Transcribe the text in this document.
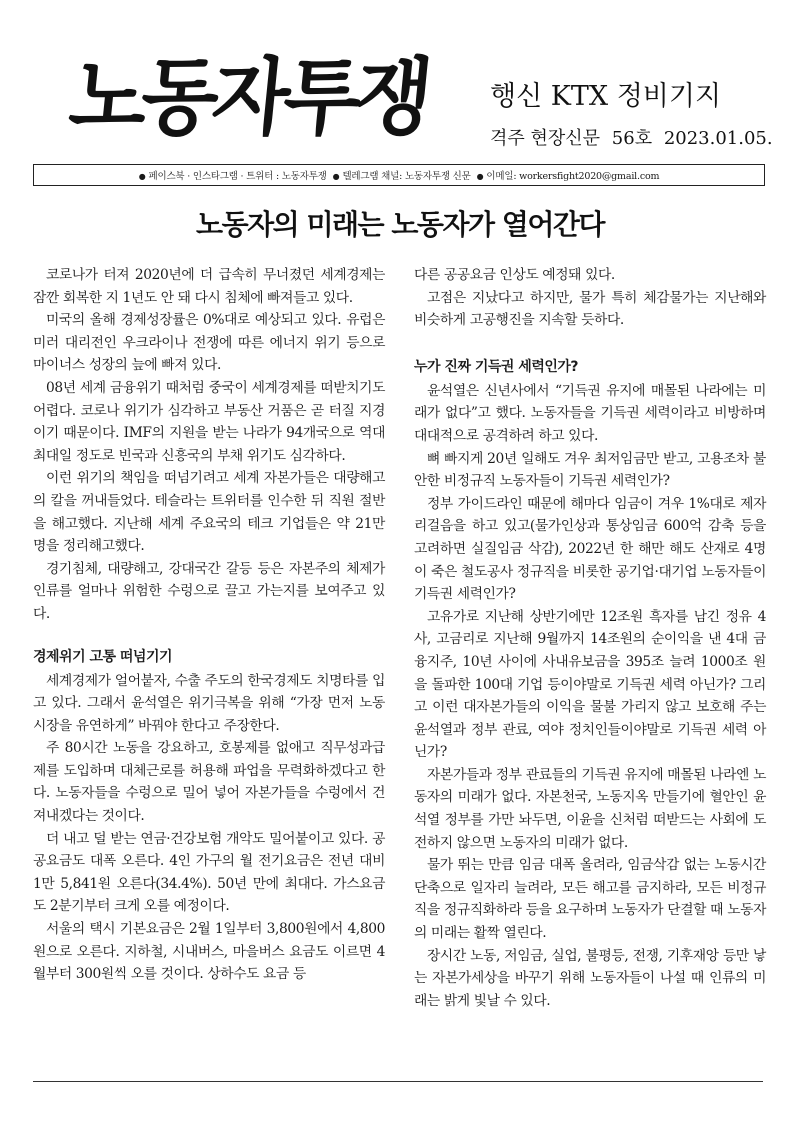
노동자투쟁 행신 KTX 정비기지
격주 현장신문 56호 2023.01.05.
● 페이스북 · 인스타그램 · 트위터 : 노동자투쟁 ● 텔레그램 채널: 노동자투쟁 신문 ● 이메일: workersfight2020@gmail.com
노동자의 미래는 노동자가 열어간다

코로나가 터져 2020년에 더 급속히 무너졌던 세계경제는 잠깐 회복한 지 1년도 안 돼 다시 침체에 빠져들고 있다.

미국의 올해 경제성장률은 0%대로 예상되고 있다. 유럽은 미러 대리전인 우크라이나 전쟁에 따른 에너지 위기 등으로 마이너스 성장의 늪에 빠져 있다.

08년 세계 금융위기 때처럼 중국이 세계경제를 떠받치기도 어렵다. 코로나 위기가 심각하고 부동산 거품은 곧 터질 지경이기 때문이다. IMF의 지원을 받는 나라가 94개국으로 역대 최대일 정도로 빈국과 신흥국의 부채 위기도 심각하다.

이런 위기의 책임을 떠넘기려고 세계 자본가들은 대량해고의 칼을 꺼내들었다. 테슬라는 트위터를 인수한 뒤 직원 절반을 해고했다. 지난해 세계 주요국의 테크 기업들은 약 21만 명을 정리해고했다.

경기침체, 대량해고, 강대국간 갈등 등은 자본주의 체제가 인류를 얼마나 위험한 수렁으로 끌고 가는지를 보여주고 있다.

경제위기 고통 떠넘기기

세계경제가 얼어붙자, 수출 주도의 한국경제도 치명타를 입고 있다. 그래서 윤석열은 위기극복을 위해 “가장 먼저 노동시장을 유연하게” 바꿔야 한다고 주장한다.

주 80시간 노동을 강요하고, 호봉제를 없애고 직무성과급제를 도입하며 대체근로를 허용해 파업을 무력화하겠다고 한다. 노동자들을 수렁으로 밀어 넣어 자본가들을 수렁에서 건져내겠다는 것이다.

더 내고 덜 받는 연금·건강보험 개악도 밀어붙이고 있다. 공공요금도 대폭 오른다. 4인 가구의 월 전기요금은 전년 대비 1만 5,841원 오른다(34.4%). 50년 만에 최대다. 가스요금도 2분기부터 크게 오를 예정이다.

서울의 택시 기본요금은 2월 1일부터 3,800원에서 4,800원으로 오른다. 지하철, 시내버스, 마을버스 요금도 이르면 4월부터 300원씩 오를 것이다. 상하수도 요금 등

다른 공공요금 인상도 예정돼 있다.

고점은 지났다고 하지만, 물가 특히 체감물가는 지난해와 비슷하게 고공행진을 지속할 듯하다.

누가 진짜 기득권 세력인가?

윤석열은 신년사에서 “기득권 유지에 매몰된 나라에는 미래가 없다”고 했다. 노동자들을 기득권 세력이라고 비방하며 대대적으로 공격하려 하고 있다.

뼈 빠지게 20년 일해도 겨우 최저임금만 받고, 고용조차 불안한 비정규직 노동자들이 기득권 세력인가?

정부 가이드라인 때문에 해마다 임금이 겨우 1%대로 제자리걸음을 하고 있고(물가인상과 통상임금 600억 감축 등을 고려하면 실질임금 삭감), 2022년 한 해만 해도 산재로 4명이 죽은 철도공사 정규직을 비롯한 공기업·대기업 노동자들이 기득권 세력인가?

고유가로 지난해 상반기에만 12조원 흑자를 남긴 정유 4사, 고금리로 지난해 9월까지 14조원의 순이익을 낸 4대 금융지주, 10년 사이에 사내유보금을 395조 늘려 1000조 원을 돌파한 100대 기업 등이야말로 기득권 세력 아닌가? 그리고 이런 대자본가들의 이익을 물불 가리지 않고 보호해 주는 윤석열과 정부 관료, 여야 정치인들이야말로 기득권 세력 아닌가?

자본가들과 정부 관료들의 기득권 유지에 매몰된 나라엔 노동자의 미래가 없다. 자본천국, 노동지옥 만들기에 혈안인 윤석열 정부를 가만 놔두면, 이윤을 신처럼 떠받드는 사회에 도전하지 않으면 노동자의 미래가 없다.

물가 뛰는 만큼 임금 대폭 올려라, 임금삭감 없는 노동시간 단축으로 일자리 늘려라, 모든 해고를 금지하라, 모든 비정규직을 정규직화하라 등을 요구하며 노동자가 단결할 때 노동자의 미래는 활짝 열린다.

장시간 노동, 저임금, 실업, 불평등, 전쟁, 기후재앙 등만 낳는 자본가세상을 바꾸기 위해 노동자들이 나설 때 인류의 미래는 밝게 빛날 수 있다.
